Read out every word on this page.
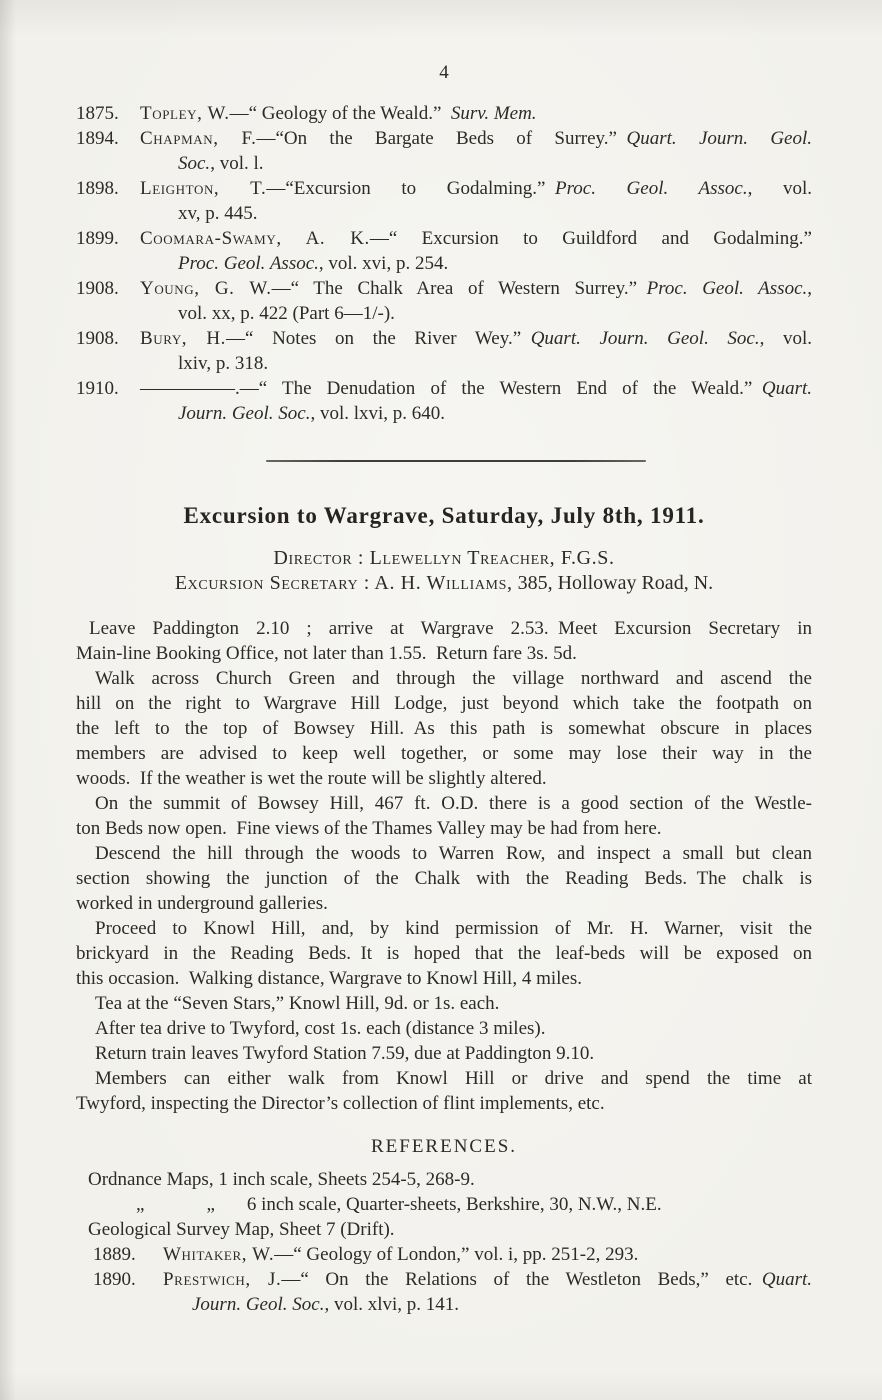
4
1875.	Topley, W.—“ Geology of the Weald.” Surv. Mem.
1894.	Chapman, F.—“On the Bargate Beds of Surrey.” Quart. Journ. Geol.
Soc., vol. l.
1898.	Leighton, T.—“Excursion to Godalming.” Proc. Geol. Assoc., vol.
xv, p. 445.
1899.	Coomara-Swamy, A. K.—“ Excursion to Guildford and Godalming.”
Proc. Geol. Assoc., vol. xvi, p. 254.
1908.	Young, G. W.—“ The Chalk Area of Western Surrey.” Proc. Geol. Assoc.,
vol. xx, p. 422 (Part 6—1/-).
1908.	Bury, H.—“ Notes on the River Wey.” Quart. Journ. Geol. Soc., vol.
lxiv, p. 318.
1910.	—————.—“ The Denudation of the Western End of the Weald.” Quart.
Journ. Geol. Soc., vol. lxvi, p. 640.
Excursion to Wargrave, Saturday, July 8th, 1911.
Director : Llewellyn Treacher, F.G.S.
Excursion Secretary : A. H. Williams, 385, Holloway Road, N.
Leave Paddington 2.10 ; arrive at Wargrave 2.53. Meet Excursion Secretary in
Main-line Booking Office, not later than 1.55. Return fare 3s. 5d.
Walk across Church Green and through the village northward and ascend the
hill on the right to Wargrave Hill Lodge, just beyond which take the footpath on
the left to the top of Bowsey Hill. As this path is somewhat obscure in places
members are advised to keep well together, or some may lose their way in the
woods. If the weather is wet the route will be slightly altered.
On the summit of Bowsey Hill, 467 ft. O.D. there is a good section of the Westle-
ton Beds now open. Fine views of the Thames Valley may be had from here.
Descend the hill through the woods to Warren Row, and inspect a small but clean
section showing the junction of the Chalk with the Reading Beds. The chalk is
worked in underground galleries.
Proceed to Knowl Hill, and, by kind permission of Mr. H. Warner, visit the
brickyard in the Reading Beds. It is hoped that the leaf-beds will be exposed on
this occasion. Walking distance, Wargrave to Knowl Hill, 4 miles.
Tea at the “Seven Stars,” Knowl Hill, 9d. or 1s. each.
After tea drive to Twyford, cost 1s. each (distance 3 miles).
Return train leaves Twyford Station 7.59, due at Paddington 9.10.
Members can either walk from Knowl Hill or drive and spend the time at
Twyford, inspecting the Director’s collection of flint implements, etc.
REFERENCES.
Ordnance Maps, 1 inch scale, Sheets 254-5, 268-9.
„	„ 6 inch scale, Quarter-sheets, Berkshire, 30, N.W., N.E.
Geological Survey Map, Sheet 7 (Drift).
1889.	Whitaker, W.—“ Geology of London,” vol. i, pp. 251-2, 293.
1890.	Prestwich, J.—“ On the Relations of the Westleton Beds,” etc. Quart.
Journ. Geol. Soc., vol. xlvi, p. 141.
